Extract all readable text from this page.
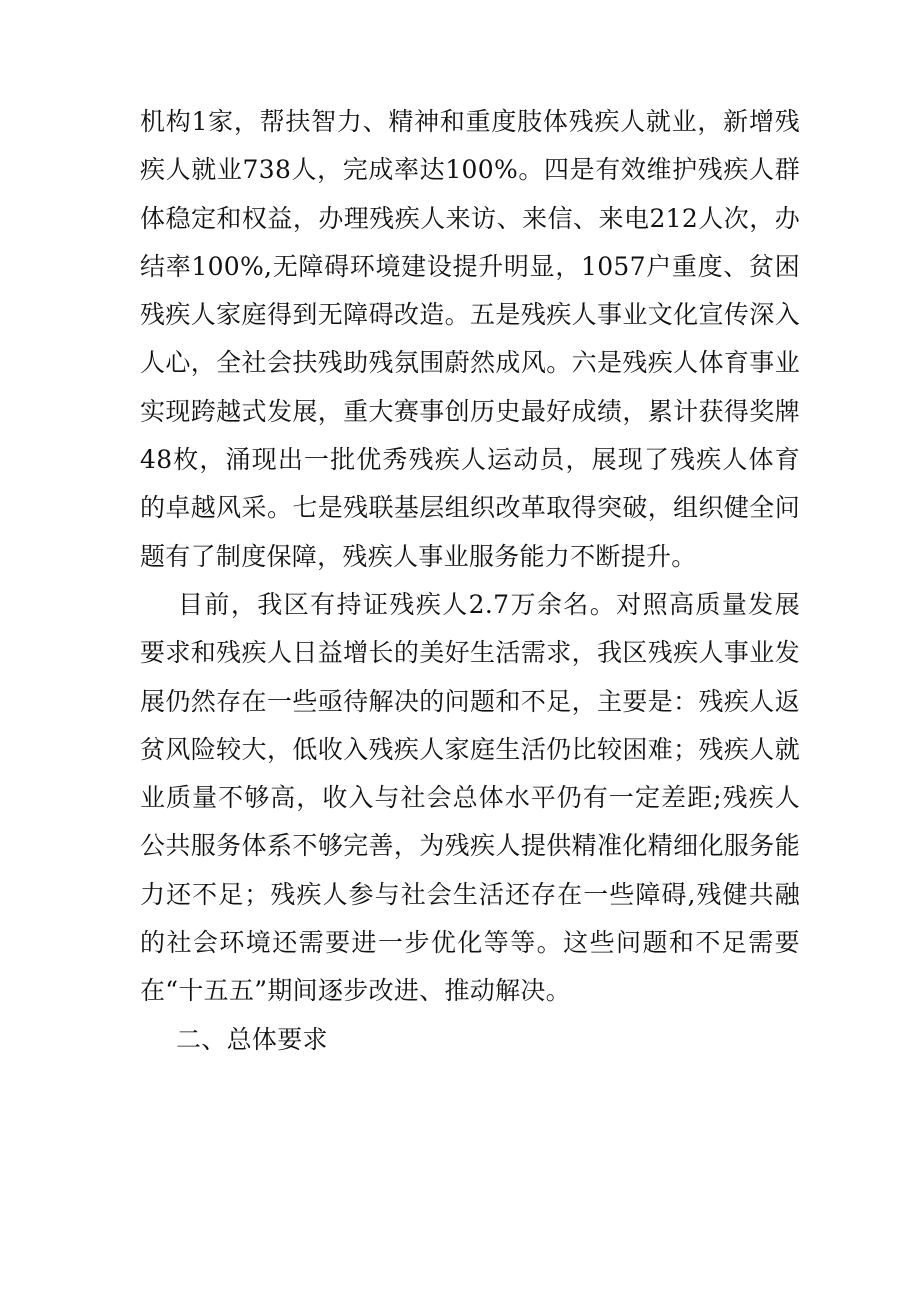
机构1家，帮扶智力、精神和重度肢体残疾人就业，新增残疾人就业738人，完成率达100%。四是有效维护残疾人群体稳定和权益，办理残疾人来访、来信、来电212人次，办结率100%,无障碍环境建设提升明显，1057户重度、贫困残疾人家庭得到无障碍改造。五是残疾人事业文化宣传深入人心，全社会扶残助残氛围蔚然成风。六是残疾人体育事业实现跨越式发展，重大赛事创历史最好成绩，累计获得奖牌48枚，涌现出一批优秀残疾人运动员，展现了残疾人体育的卓越风采。七是残联基层组织改革取得突破，组织健全问题有了制度保障，残疾人事业服务能力不断提升。

目前，我区有持证残疾人2.7万余名。对照高质量发展要求和残疾人日益增长的美好生活需求，我区残疾人事业发展仍然存在一些亟待解决的问题和不足，主要是：残疾人返贫风险较大，低收入残疾人家庭生活仍比较困难；残疾人就业质量不够高，收入与社会总体水平仍有一定差距;残疾人公共服务体系不够完善，为残疾人提供精准化精细化服务能力还不足；残疾人参与社会生活还存在一些障碍,残健共融的社会环境还需要进一步优化等等。这些问题和不足需要在“十五五”期间逐步改进、推动解决。

二、总体要求
